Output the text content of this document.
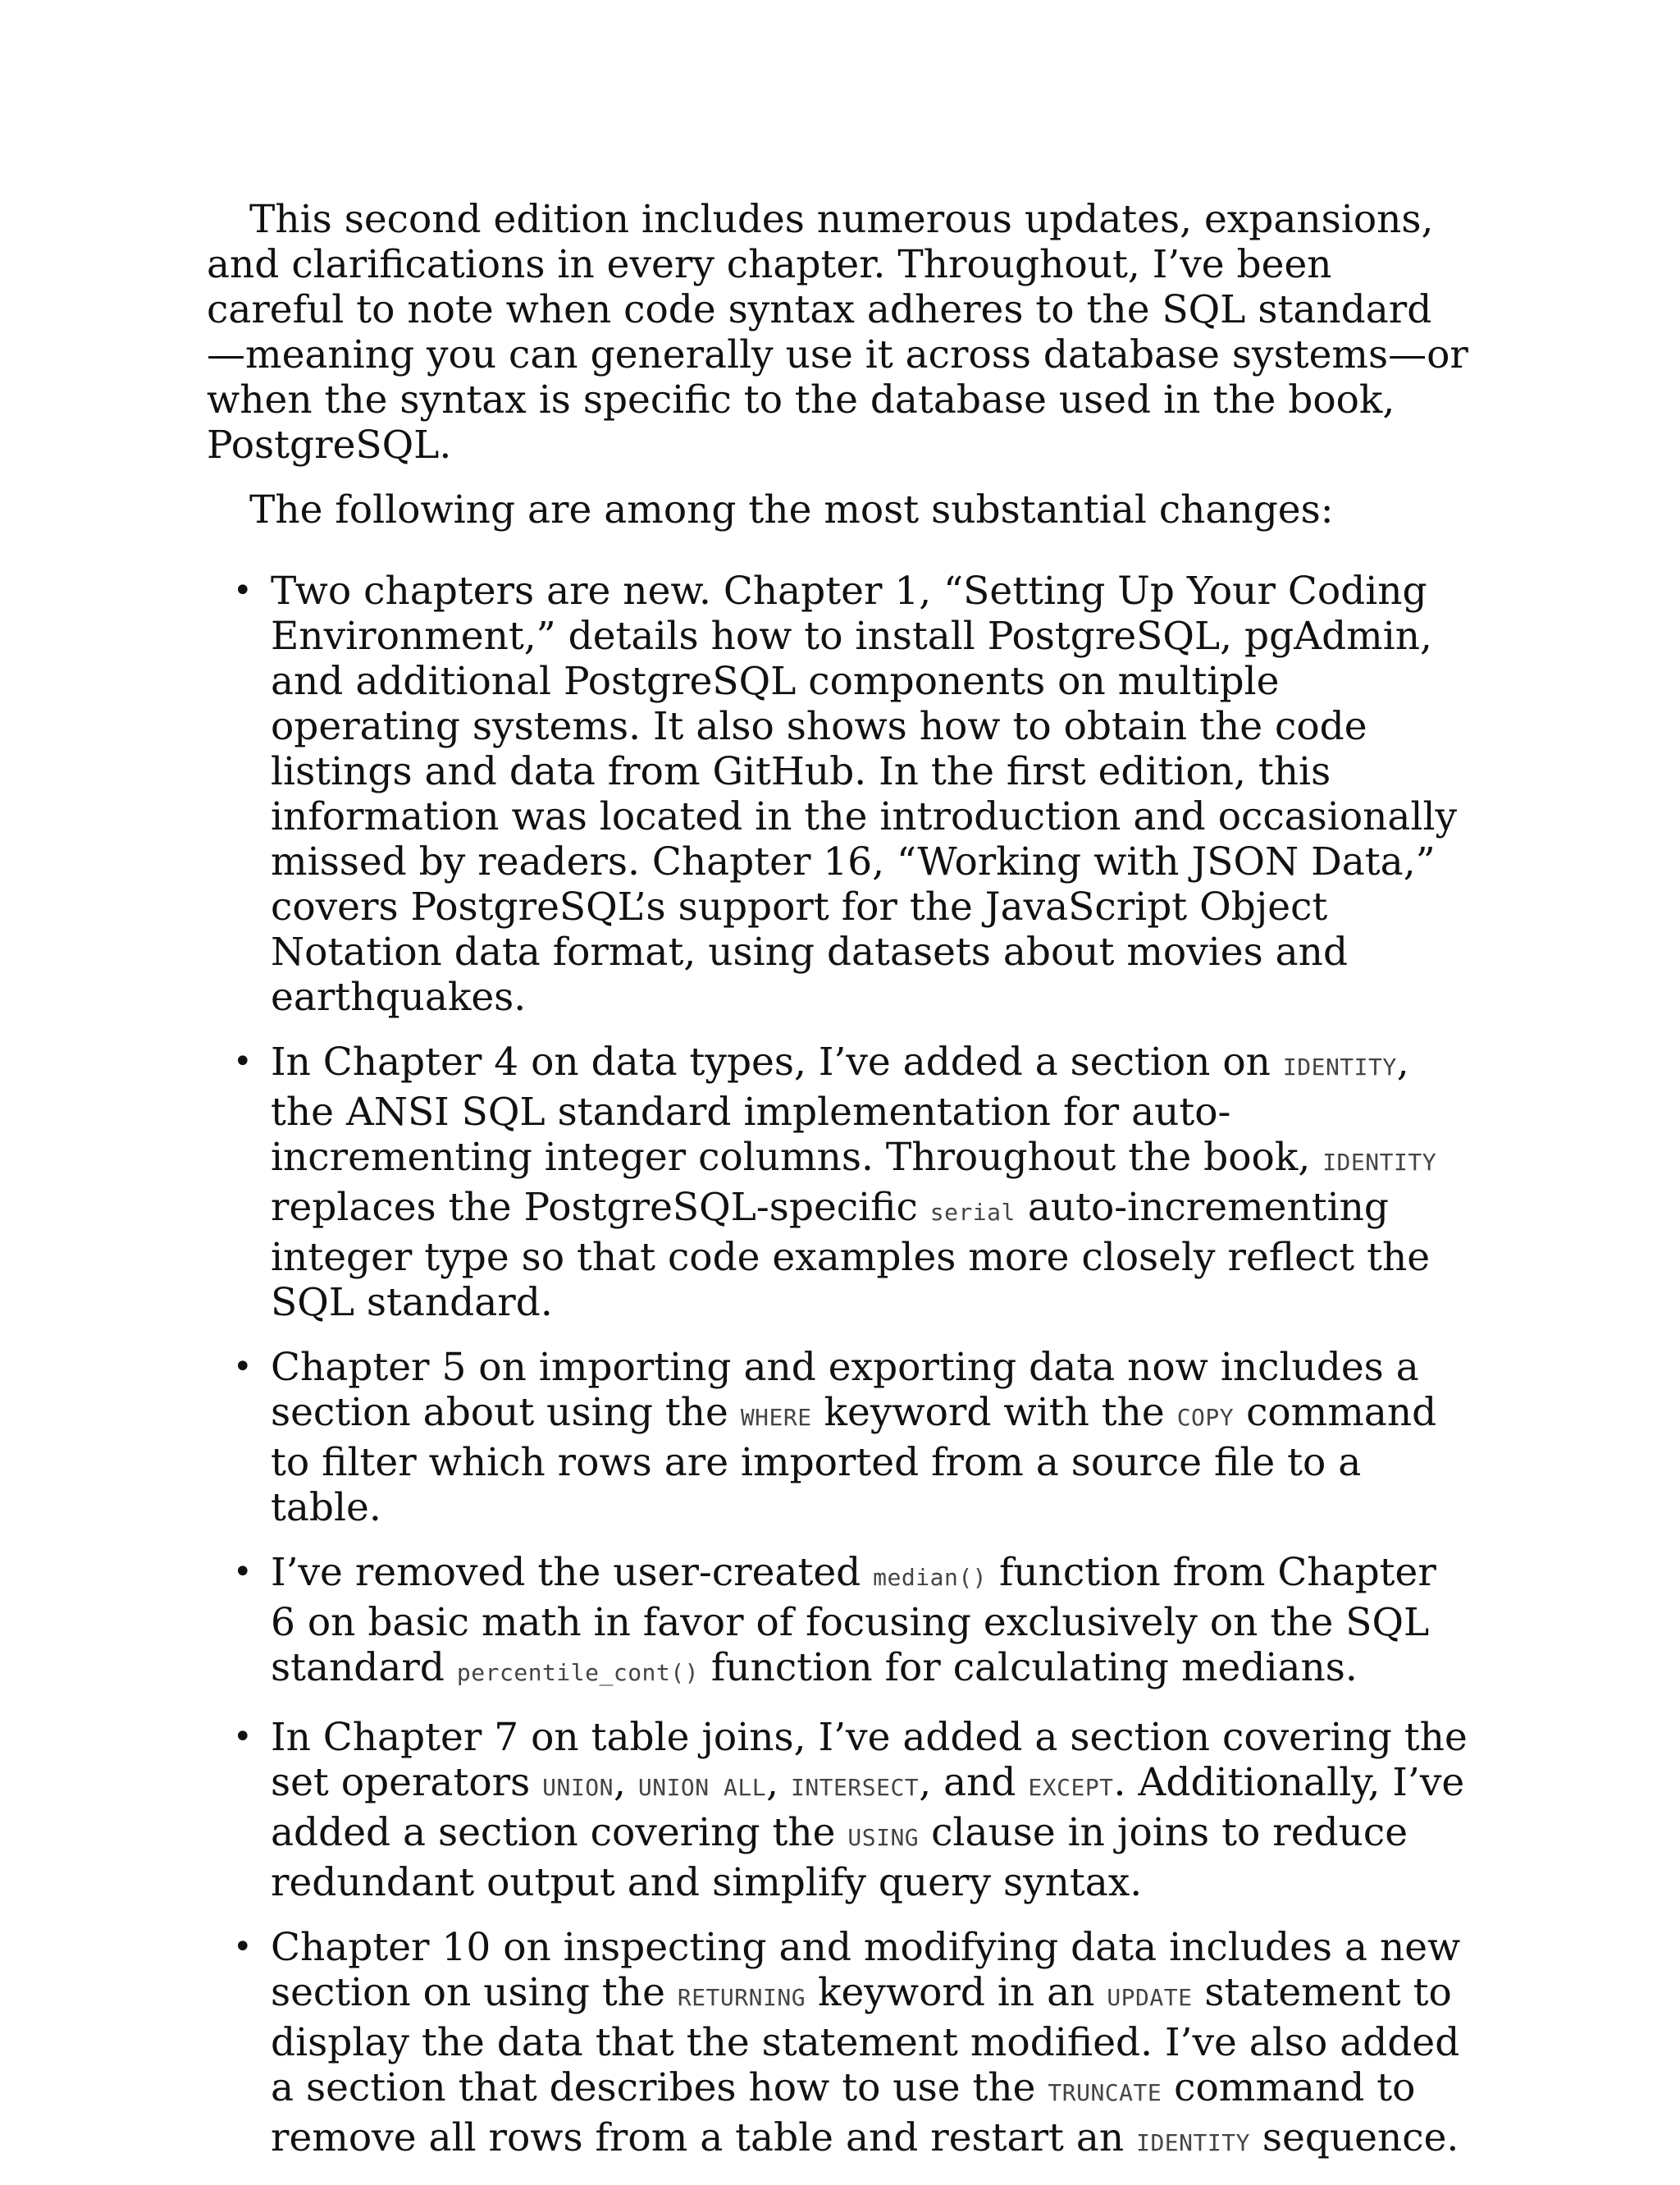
This second edition includes numerous updates, expansions, and clarifications in every chapter. Throughout, I’ve been careful to note when code syntax adheres to the SQL standard—meaning you can generally use it across database systems—or when the syntax is specific to the database used in the book, PostgreSQL.

The following are among the most substantial changes:

• Two chapters are new. Chapter 1, “Setting Up Your Coding Environment,” details how to install PostgreSQL, pgAdmin, and additional PostgreSQL components on multiple operating systems. It also shows how to obtain the code listings and data from GitHub. In the first edition, this information was located in the introduction and occasionally missed by readers. Chapter 16, “Working with JSON Data,” covers PostgreSQL’s support for the JavaScript Object Notation data format, using datasets about movies and earthquakes.
• In Chapter 4 on data types, I’ve added a section on IDENTITY, the ANSI SQL standard implementation for auto-incrementing integer columns. Throughout the book, IDENTITY replaces the PostgreSQL-specific serial auto-incrementing integer type so that code examples more closely reflect the SQL standard.
• Chapter 5 on importing and exporting data now includes a section about using the WHERE keyword with the COPY command to filter which rows are imported from a source file to a table.
• I’ve removed the user-created median() function from Chapter 6 on basic math in favor of focusing exclusively on the SQL standard percentile_cont() function for calculating medians.
• In Chapter 7 on table joins, I’ve added a section covering the set operators UNION, UNION ALL, INTERSECT, and EXCEPT. Additionally, I’ve added a section covering the USING clause in joins to reduce redundant output and simplify query syntax.
• Chapter 10 on inspecting and modifying data includes a new section on using the RETURNING keyword in an UPDATE statement to display the data that the statement modified. I’ve also added a section that describes how to use the TRUNCATE command to remove all rows from a table and restart an IDENTITY sequence.
